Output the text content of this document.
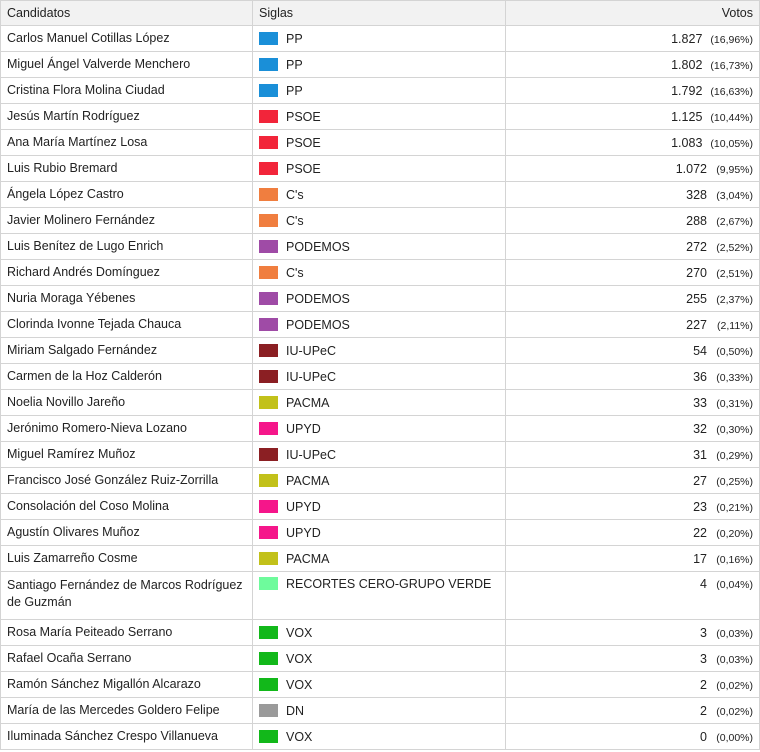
Candidatos	Siglas	Votos
Carlos Manuel Cotillas López	PP	1.827 (16,96%)
Miguel Ángel Valverde Menchero	PP	1.802 (16,73%)
Cristina Flora Molina Ciudad	PP	1.792 (16,63%)
Jesús Martín Rodríguez	PSOE	1.125 (10,44%)
Ana María Martínez Losa	PSOE	1.083 (10,05%)
Luis Rubio Bremard	PSOE	1.072 (9,95%)
Ángela López Castro	C's	328 (3,04%)
Javier Molinero Fernández	C's	288 (2,67%)
Luis Benítez de Lugo Enrich	PODEMOS	272 (2,52%)
Richard Andrés Domínguez	C's	270 (2,51%)
Nuria Moraga Yébenes	PODEMOS	255 (2,37%)
Clorinda Ivonne Tejada Chauca	PODEMOS	227 (2,11%)
Miriam Salgado Fernández	IU-UPeC	54 (0,50%)
Carmen de la Hoz Calderón	IU-UPeC	36 (0,33%)
Noelia Novillo Jareño	PACMA	33 (0,31%)
Jerónimo Romero-Nieva Lozano	UPYD	32 (0,30%)
Miguel Ramírez Muñoz	IU-UPeC	31 (0,29%)
Francisco José González Ruiz-Zorrilla	PACMA	27 (0,25%)
Consolación del Coso Molina	UPYD	23 (0,21%)
Agustín Olivares Muñoz	UPYD	22 (0,20%)
Luis Zamarreño Cosme	PACMA	17 (0,16%)
Santiago Fernández de Marcos Rodríguez de Guzmán	RECORTES CERO-GRUPO VERDE	4 (0,04%)
Rosa María Peiteado Serrano	VOX	3 (0,03%)
Rafael Ocaña Serrano	VOX	3 (0,03%)
Ramón Sánchez Migallón Alcarazo	VOX	2 (0,02%)
María de las Mercedes Goldero Felipe	DN	2 (0,02%)
Iluminada Sánchez Crespo Villanueva	VOX	0 (0,00%)
